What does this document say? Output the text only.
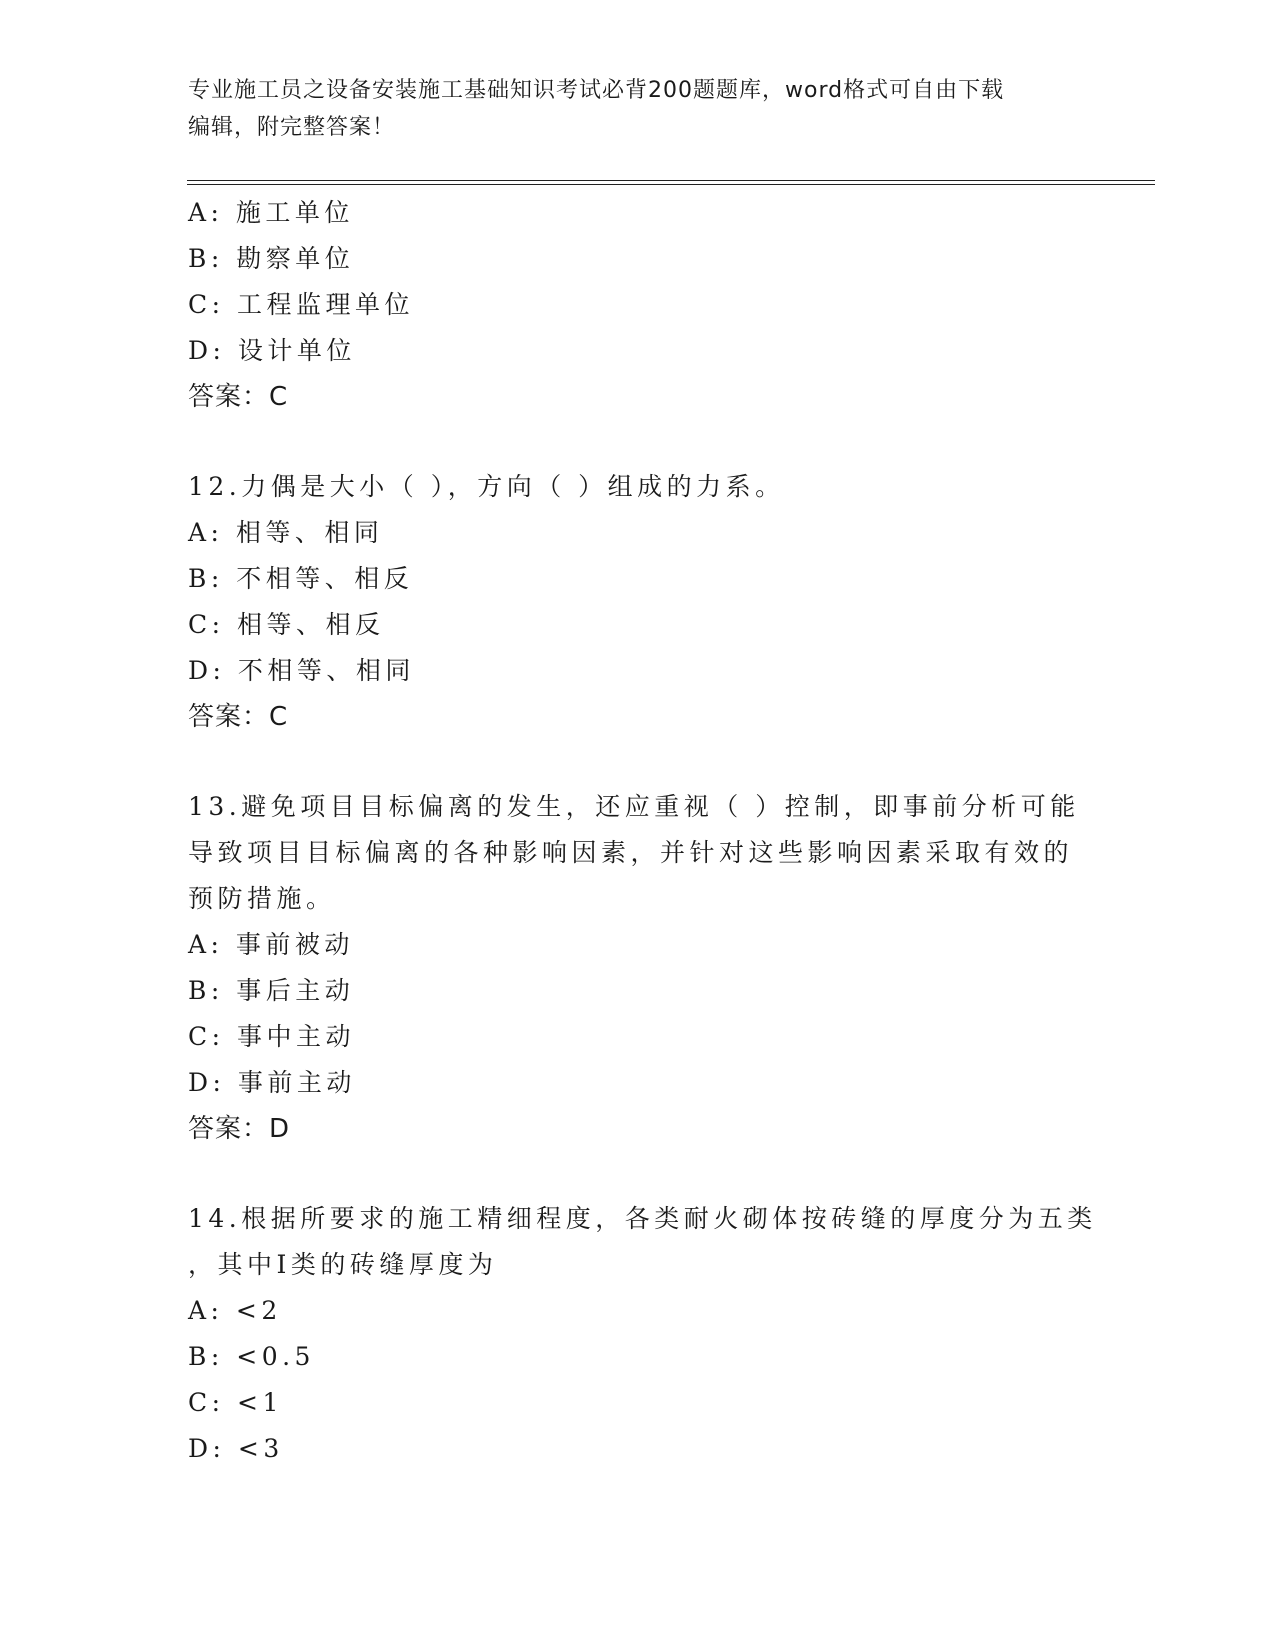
专业施工员之设备安装施工基础知识考试必背200题题库，word格式可自由下载
编辑，附完整答案！
A: 施工单位
B: 勘察单位
C: 工程监理单位
D: 设计单位
答案：C
12.力偶是大小（ ），方向（ ）组成的力系。
A: 相等、相同
B: 不相等、相反
C: 相等、相反
D: 不相等、相同
答案：C
13.避免项目目标偏离的发生，还应重视（ ）控制，即事前分析可能
导致项目目标偏离的各种影响因素，并针对这些影响因素采取有效的
预防措施。
A: 事前被动
B: 事后主动
C: 事中主动
D: 事前主动
答案：D
14.根据所要求的施工精细程度，各类耐火砌体按砖缝的厚度分为五类
，其中Ⅰ类的砖缝厚度为
A: <2
B: <0.5
C: <1
D: <3
